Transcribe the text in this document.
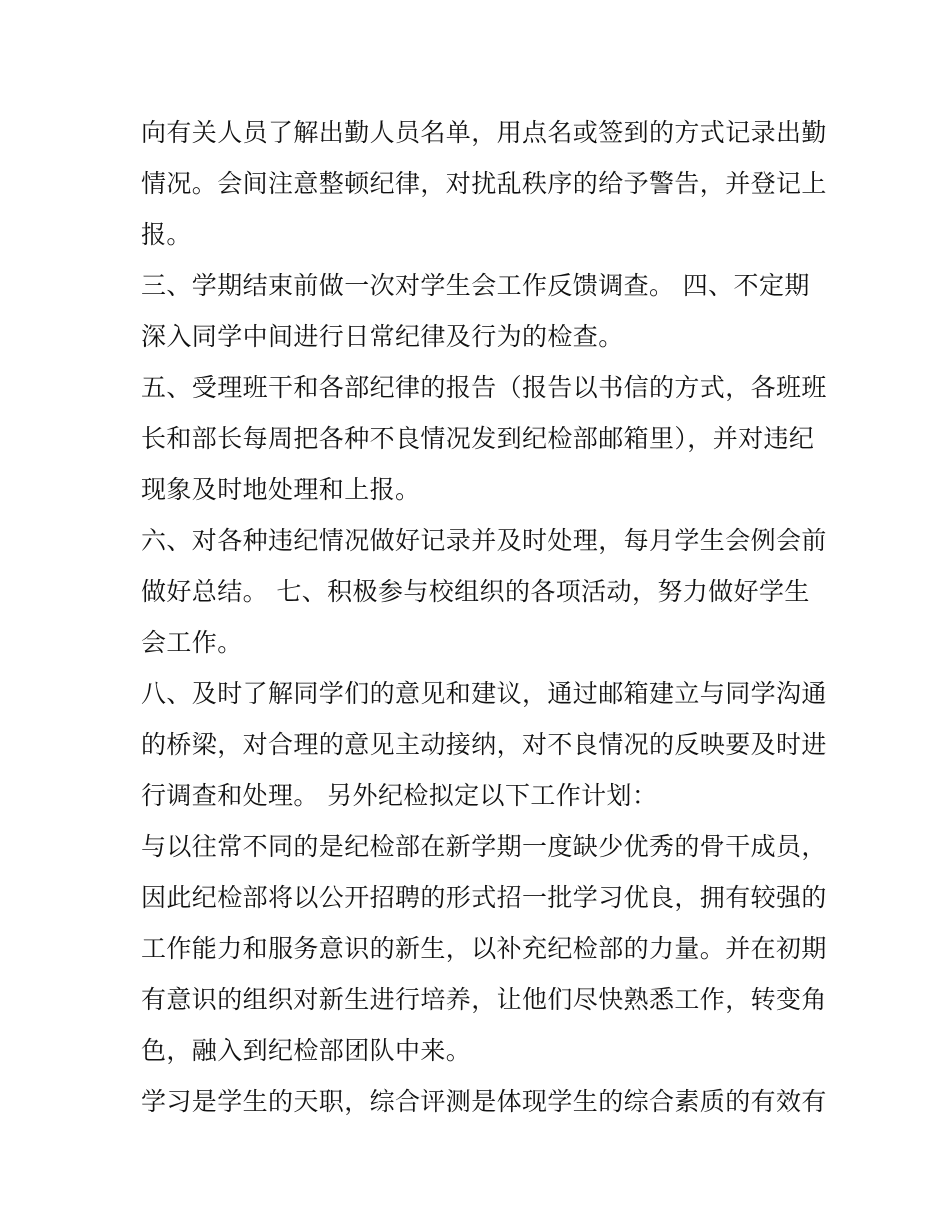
向有关人员了解出勤人员名单，用点名或签到的方式记录出勤
情况。会间注意整顿纪律，对扰乱秩序的给予警告，并登记上
报。
三、学期结束前做一次对学生会工作反馈调查。 四、不定期
深入同学中间进行日常纪律及行为的检查。
五、受理班干和各部纪律的报告（报告以书信的方式，各班班
长和部长每周把各种不良情况发到纪检部邮箱里），并对违纪
现象及时地处理和上报。
六、对各种违纪情况做好记录并及时处理，每月学生会例会前
做好总结。 七、积极参与校组织的各项活动，努力做好学生
会工作。
八、及时了解同学们的意见和建议，通过邮箱建立与同学沟通
的桥梁，对合理的意见主动接纳，对不良情况的反映要及时进
行调查和处理。 另外纪检拟定以下工作计划：
与以往常不同的是纪检部在新学期一度缺少优秀的骨干成员，
因此纪检部将以公开招聘的形式招一批学习优良，拥有较强的
工作能力和服务意识的新生，以补充纪检部的力量。并在初期
有意识的组织对新生进行培养，让他们尽快熟悉工作，转变角
色，融入到纪检部团队中来。
学习是学生的天职，综合评测是体现学生的综合素质的有效有
